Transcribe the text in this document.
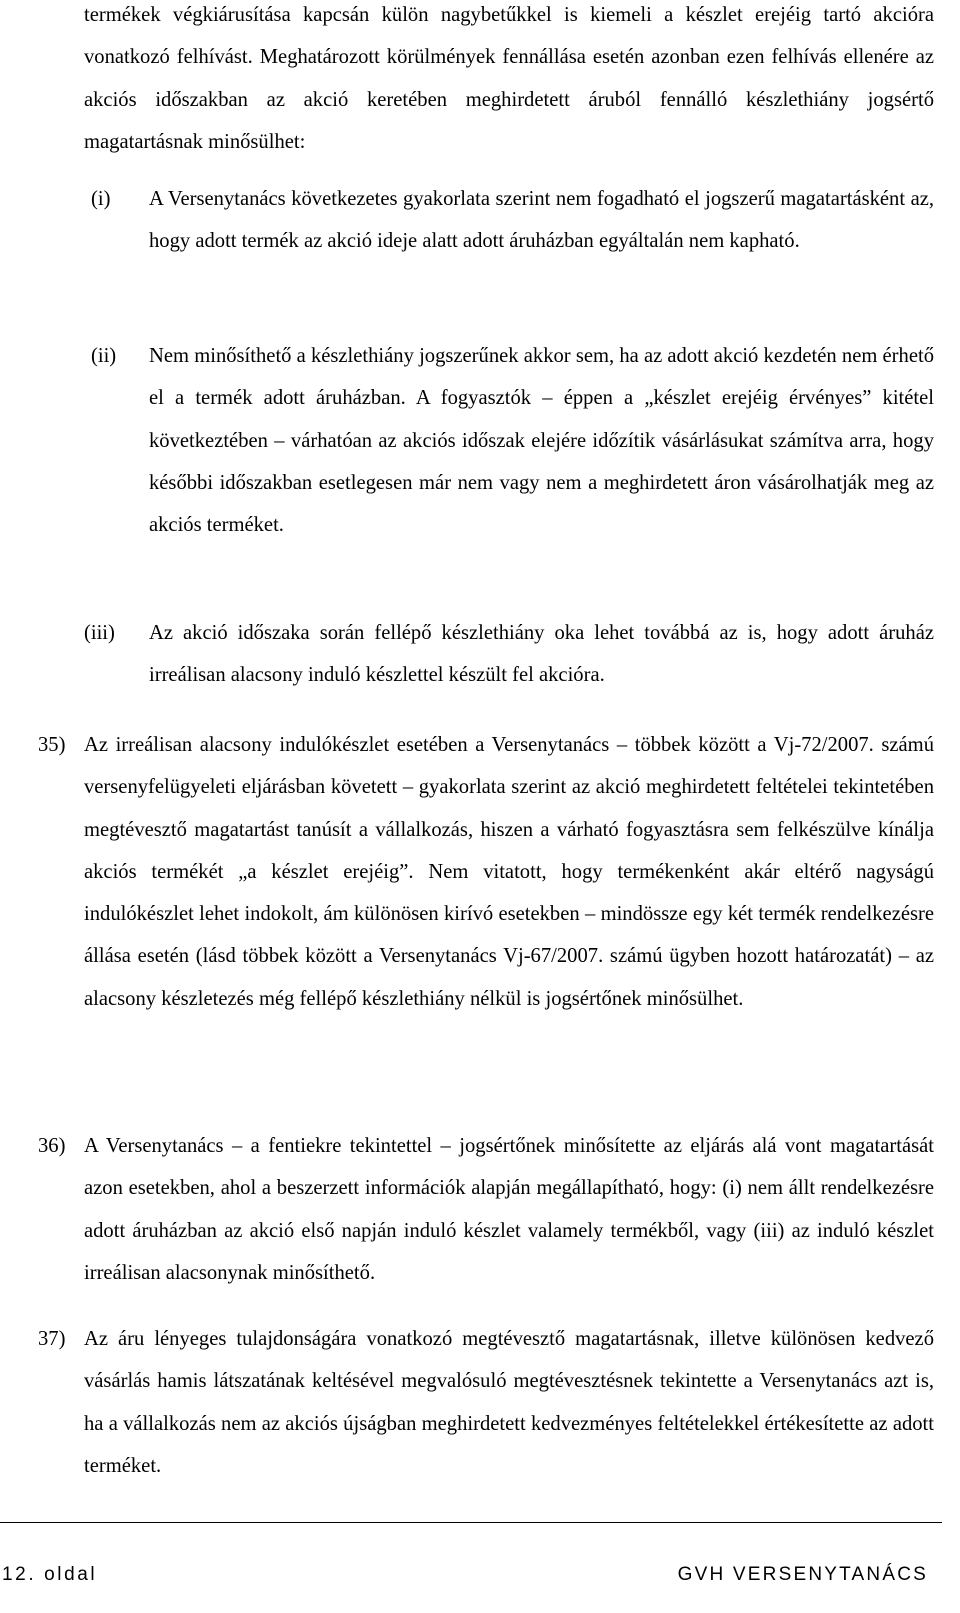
termékek végkiárusítása kapcsán külön nagybetűkkel is kiemeli a készlet erejéig tartó akcióra vonatkozó felhívást. Meghatározott körülmények fennállása esetén azonban ezen felhívás ellenére az akciós időszakban az akció keretében meghirdetett áruból fennálló készlethiány jogsértő magatartásnak minősülhet:

(i) A Versenytanács következetes gyakorlata szerint nem fogadható el jogszerű magatartásként az, hogy adott termék az akció ideje alatt adott áruházban egyáltalán nem kapható.
(ii) Nem minősíthető a készlethiány jogszerűnek akkor sem, ha az adott akció kezdetén nem érhető el a termék adott áruházban. A fogyasztók – éppen a „készlet erejéig érvényes” kitétel következtében – várhatóan az akciós időszak elejére időzítik vásárlásukat számítva arra, hogy későbbi időszakban esetlegesen már nem vagy nem a meghirdetett áron vásárolhatják meg az akciós terméket.
(iii) Az akció időszaka során fellépő készlethiány oka lehet továbbá az is, hogy adott áruház irreálisan alacsony induló készlettel készült fel akcióra.
35) Az irreálisan alacsony indulókészlet esetében a Versenytanács – többek között a Vj-72/2007. számú versenyfelügyeleti eljárásban követett – gyakorlata szerint az akció meghirdetett feltételei tekintetében megtévesztő magatartást tanúsít a vállalkozás, hiszen a várható fogyasztásra sem felkészülve kínálja akciós termékét „a készlet erejéig”. Nem vitatott, hogy termékenként akár eltérő nagyságú indulókészlet lehet indokolt, ám különösen kirívó esetekben – mindössze egy két termék rendelkezésre állása esetén (lásd többek között a Versenytanács Vj-67/2007. számú ügyben hozott határozatát) – az alacsony készletezés még fellépő készlethiány nélkül is jogsértőnek minősülhet.
36) A Versenytanács – a fentiekre tekintettel – jogsértőnek minősítette az eljárás alá vont magatartását azon esetekben, ahol a beszerzett információk alapján megállapítható, hogy: (i) nem állt rendelkezésre adott áruházban az akció első napján induló készlet valamely termékből, vagy (iii) az induló készlet irreálisan alacsonynak minősíthető.
37) Az áru lényeges tulajdonságára vonatkozó megtévesztő magatartásnak, illetve különösen kedvező vásárlás hamis látszatának keltésével megvalósuló megtévesztésnek tekintette a Versenytanács azt is, ha a vállalkozás nem az akciós újságban meghirdetett kedvezményes feltételekkel értékesítette az adott terméket.
12. oldal	GVH VERSENYTANÁCS
